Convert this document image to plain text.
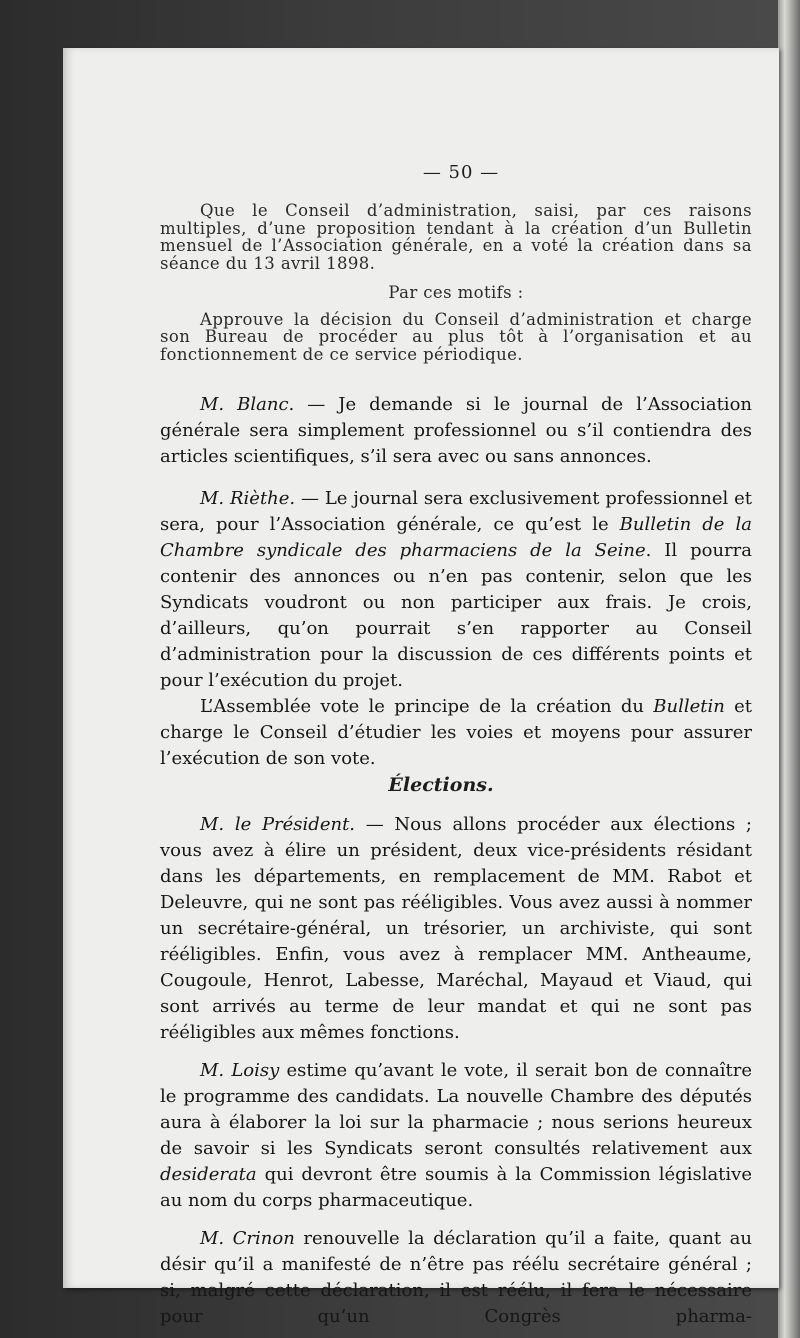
— 50 —

Que le Conseil d’administration, saisi, par ces raisons multiples, d’une proposition tendant à la création d’un Bulletin mensuel de l’Association générale, en a voté la création dans sa séance du 13 avril 1898.

Par ces motifs :

Approuve la décision du Conseil d’administration et charge son Bureau de procéder au plus tôt à l’organisation et au fonctionnement de ce service périodique.

M. Blanc. — Je demande si le journal de l’Association générale sera simplement professionnel ou s’il contiendra des articles scientifiques, s’il sera avec ou sans annonces.

M. Rièthe. — Le journal sera exclusivement professionnel et sera, pour l’Association générale, ce qu’est le Bulletin de la Chambre syndicale des pharmaciens de la Seine. Il pourra contenir des annonces ou n’en pas contenir, selon que les Syndicats voudront ou non participer aux frais. Je crois, d’ailleurs, qu’on pourrait s’en rapporter au Conseil d’administration pour la discussion de ces différents points et pour l’exécution du projet.

L’Assemblée vote le principe de la création du Bulletin et charge le Conseil d’étudier les voies et moyens pour assurer l’exécution de son vote.

Élections.

M. le Président. — Nous allons procéder aux élections ; vous avez à élire un président, deux vice-présidents résidant dans les départements, en remplacement de MM. Rabot et Deleuvre, qui ne sont pas rééligibles. Vous avez aussi à nommer un secrétaire-général, un trésorier, un archiviste, qui sont rééligibles. Enfin, vous avez à remplacer MM. Antheaume, Cougoule, Henrot, Labesse, Maréchal, Mayaud et Viaud, qui sont arrivés au terme de leur mandat et qui ne sont pas rééligibles aux mêmes fonctions.

M. Loisy estime qu’avant le vote, il serait bon de connaître le programme des candidats. La nouvelle Chambre des députés aura à élaborer la loi sur la pharmacie ; nous serions heureux de savoir si les Syndicats seront consultés relativement aux desiderata qui devront être soumis à la Commission législative au nom du corps pharmaceutique.

M. Crinon renouvelle la déclaration qu’il a faite, quant au désir qu’il a manifesté de n’être pas réélu secrétaire général ; si, malgré cette déclaration, il est réélu, il fera le nécessaire pour qu’un Congrès pharma-
